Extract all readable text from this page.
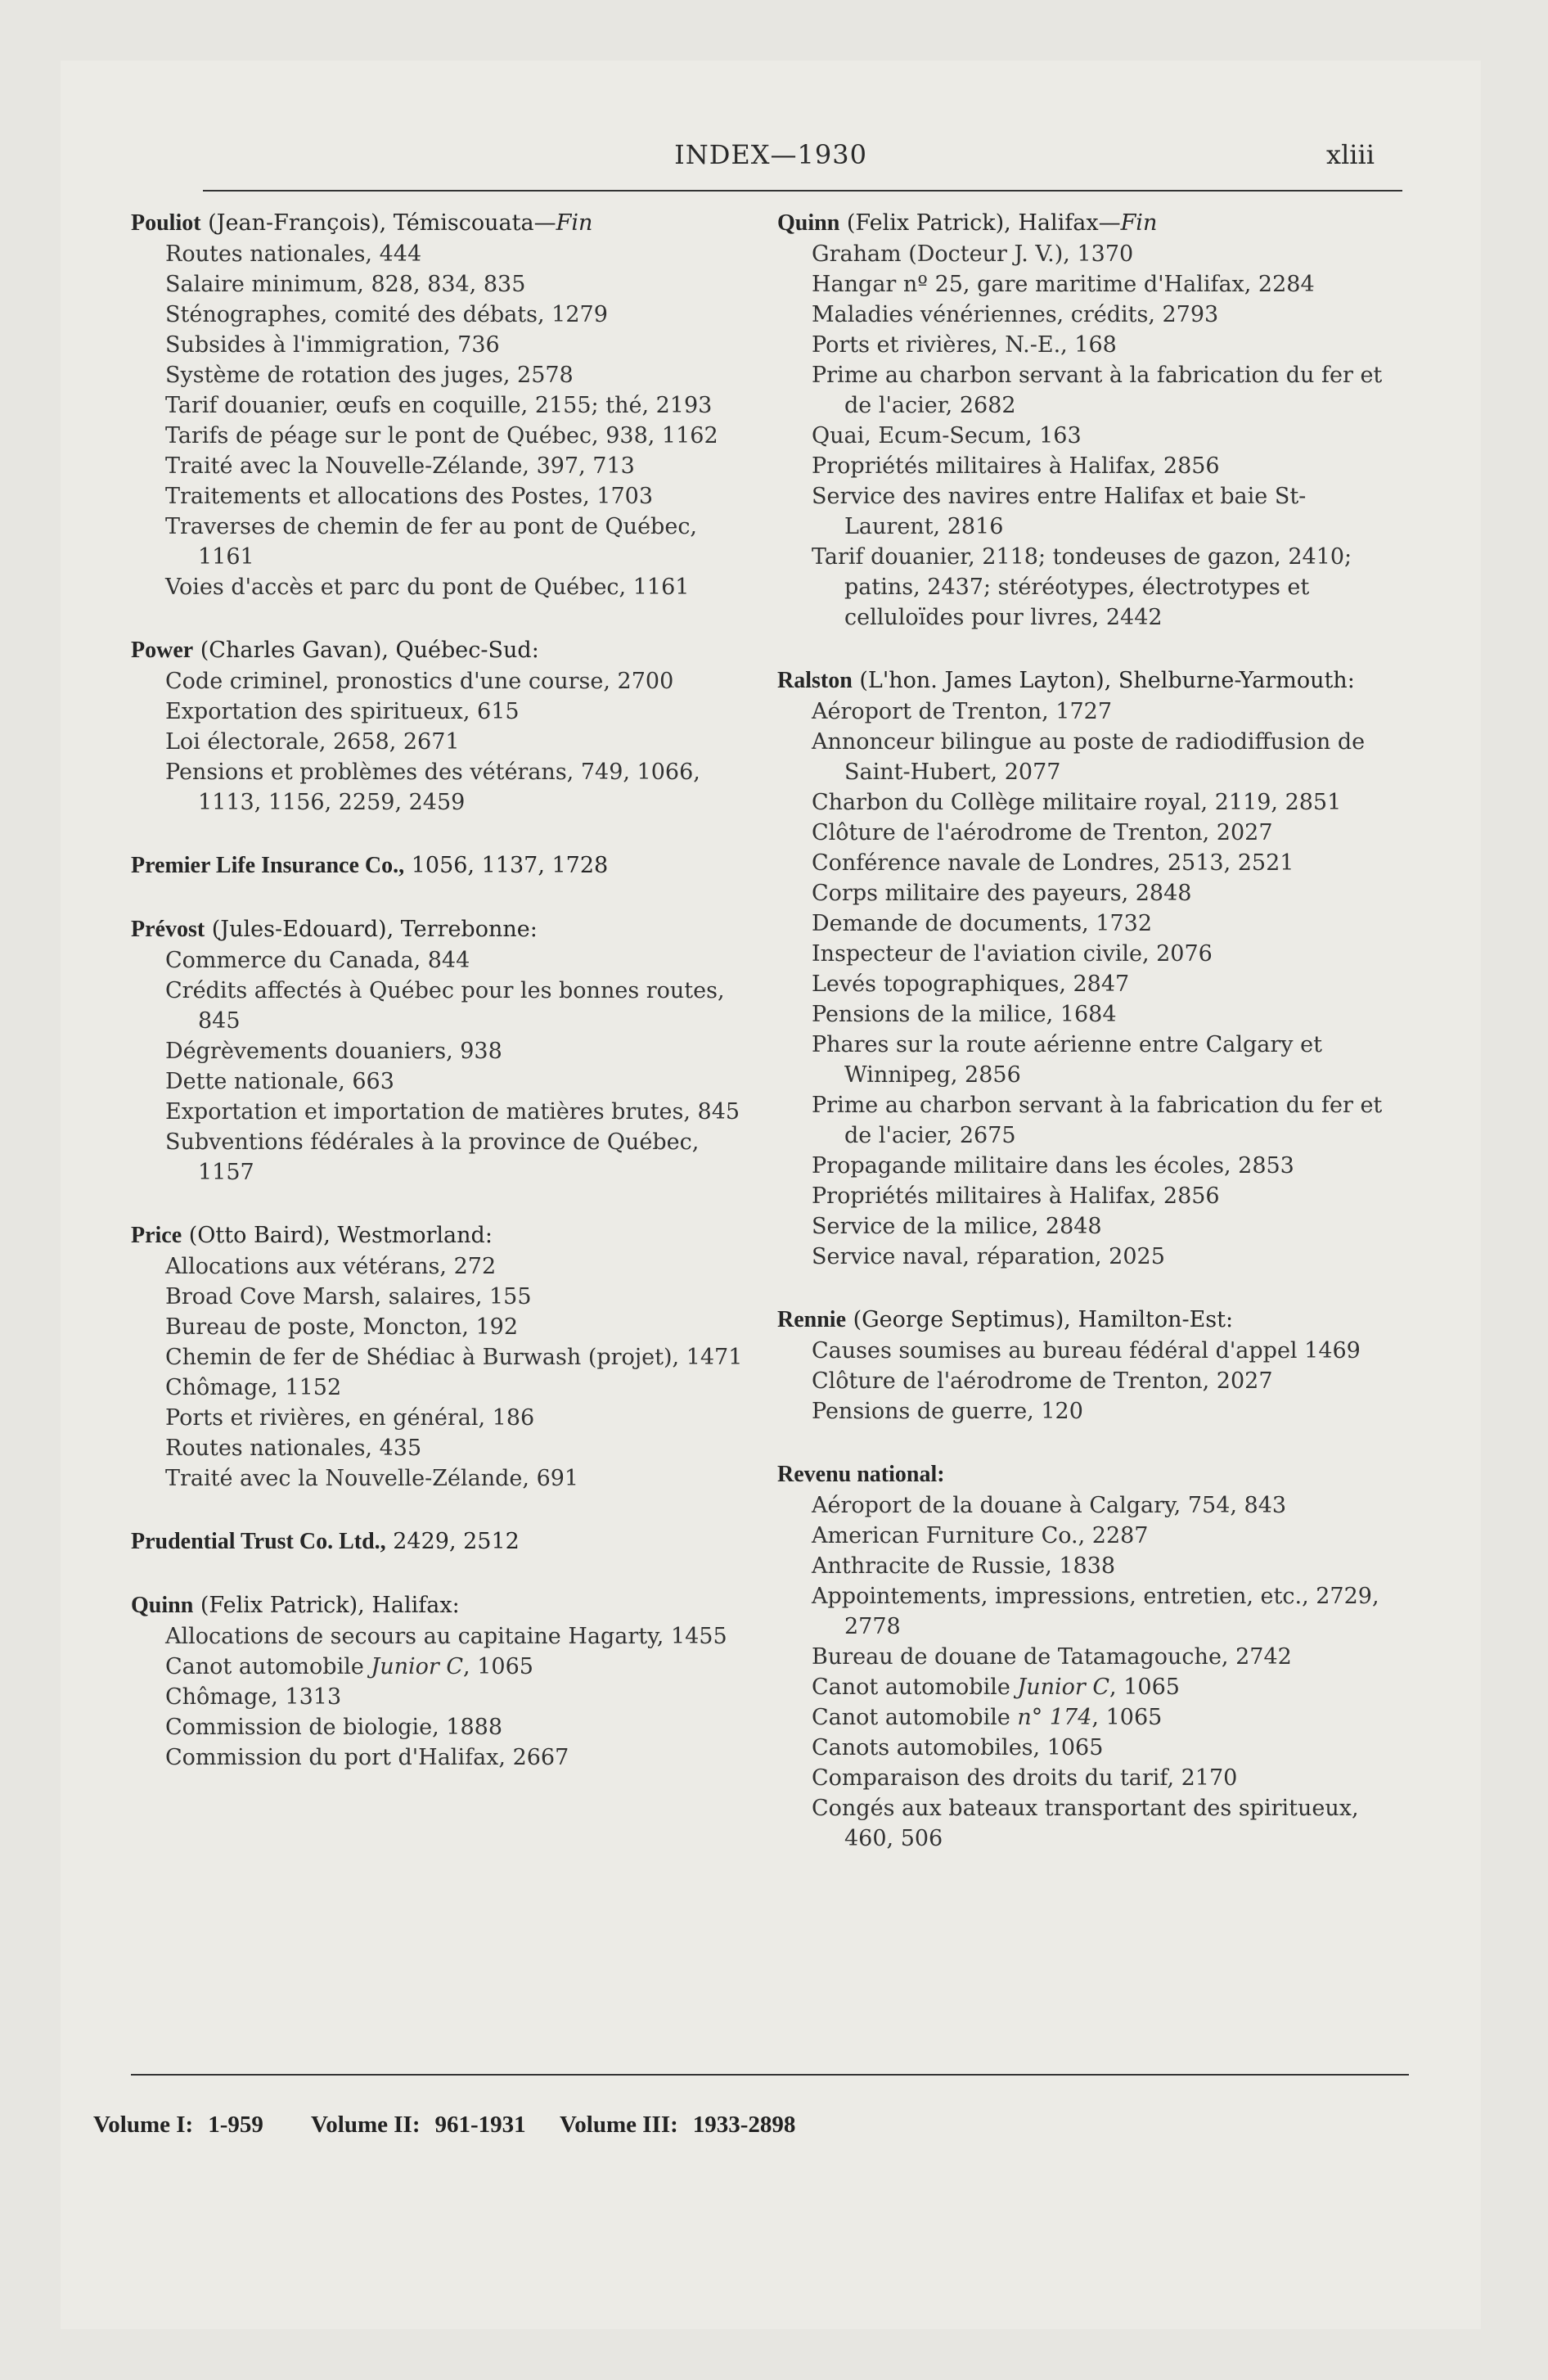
INDEX—1930	xliii
Pouliot (Jean-François), Témiscouata—Fin
Routes nationales, 444
Salaire minimum, 828, 834, 835
Sténographes, comité des débats, 1279
Subsides à l'immigration, 736
Système de rotation des juges, 2578
Tarif douanier, œufs en coquille, 2155; thé, 2193
Tarifs de péage sur le pont de Québec, 938, 1162
Traité avec la Nouvelle-Zélande, 397, 713
Traitements et allocations des Postes, 1703
Traverses de chemin de fer au pont de Québec, 1161
Voies d'accès et parc du pont de Québec, 1161
Power (Charles Gavan), Québec-Sud:
Code criminel, pronostics d'une course, 2700
Exportation des spiritueux, 615
Loi électorale, 2658, 2671
Pensions et problèmes des vétérans, 749, 1066, 1113, 1156, 2259, 2459
Premier Life Insurance Co., 1056, 1137, 1728
Prévost (Jules-Edouard), Terrebonne:
Commerce du Canada, 844
Crédits affectés à Québec pour les bonnes routes, 845
Dégrèvements douaniers, 938
Dette nationale, 663
Exportation et importation de matières brutes, 845
Subventions fédérales à la province de Québec, 1157
Price (Otto Baird), Westmorland:
Allocations aux vétérans, 272
Broad Cove Marsh, salaires, 155
Bureau de poste, Moncton, 192
Chemin de fer de Shédiac à Burwash (projet), 1471
Chômage, 1152
Ports et rivières, en général, 186
Routes nationales, 435
Traité avec la Nouvelle-Zélande, 691
Prudential Trust Co. Ltd., 2429, 2512
Quinn (Felix Patrick), Halifax:
Allocations de secours au capitaine Hagarty, 1455
Canot automobile Junior C, 1065
Chômage, 1313
Commission de biologie, 1888
Commission du port d'Halifax, 2667
Quinn (Felix Patrick), Halifax—Fin
Graham (Docteur J. V.), 1370
Hangar nº 25, gare maritime d'Halifax, 2284
Maladies vénériennes, crédits, 2793
Ports et rivières, N.-E., 168
Prime au charbon servant à la fabrication du fer et de l'acier, 2682
Quai, Ecum-Secum, 163
Propriétés militaires à Halifax, 2856
Service des navires entre Halifax et baie St-Laurent, 2816
Tarif douanier, 2118; tondeuses de gazon, 2410; patins, 2437; stéréotypes, électrotypes et celluloïdes pour livres, 2442
Ralston (L'hon. James Layton), Shelburne-Yarmouth:
Aéroport de Trenton, 1727
Annonceur bilingue au poste de radiodiffusion de Saint-Hubert, 2077
Charbon du Collège militaire royal, 2119, 2851
Clôture de l'aérodrome de Trenton, 2027
Conférence navale de Londres, 2513, 2521
Corps militaire des payeurs, 2848
Demande de documents, 1732
Inspecteur de l'aviation civile, 2076
Levés topographiques, 2847
Pensions de la milice, 1684
Phares sur la route aérienne entre Calgary et Winnipeg, 2856
Prime au charbon servant à la fabrication du fer et de l'acier, 2675
Propagande militaire dans les écoles, 2853
Propriétés militaires à Halifax, 2856
Service de la milice, 2848
Service naval, réparation, 2025
Rennie (George Septimus), Hamilton-Est:
Causes soumises au bureau fédéral d'appel 1469
Clôture de l'aérodrome de Trenton, 2027
Pensions de guerre, 120
Revenu national:
Aéroport de la douane à Calgary, 754, 843
American Furniture Co., 2287
Anthracite de Russie, 1838
Appointements, impressions, entretien, etc., 2729, 2778
Bureau de douane de Tatamagouche, 2742
Canot automobile Junior C, 1065
Canot automobile n° 174, 1065
Canots automobiles, 1065
Comparaison des droits du tarif, 2170
Congés aux bateaux transportant des spiritueux, 460, 506
Volume I: 1-959 Volume II: 961-1931 Volume III: 1933-2898
